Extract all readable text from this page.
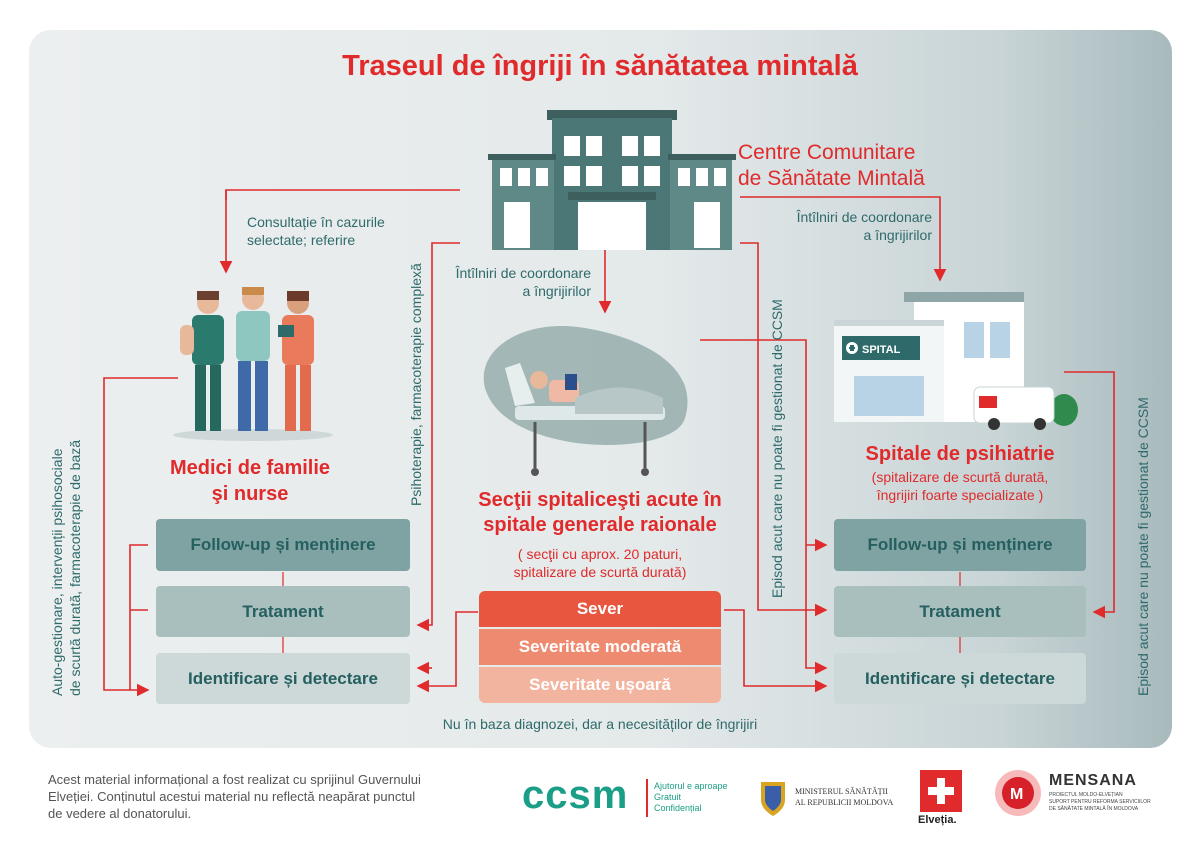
Traseul de îngriji în sănătatea mintală
Centre Comunitare
de Sănătate Mintală
Medici de familie
şi nurse	Secţii spitaliceşti acute în
spitale generale raionale
( secţii cu aprox. 20 paturi,
spitalizare de scurtă durată)
SPITAL
Spitale de psihiatrie
(spitalizare de scurtă durată,
îngrijiri foarte specializate )
Follow-up și menținere
Tratament
Identificare și detectare
Follow-up și menținere
Tratament
Identificare și detectare
Sever
Severitate moderată
Severitate ușoară
Consultație în cazurile
selectate; referire
Întîlniri de coordonare
a îngrijirilor
Întîlniri de coordonare
a îngrijirilor
Psihoterapie, farmacoterapie complexă	Episod acut care nu poate fi gestionat de CCSM	Episod acut care nu poate fi gestionat de CCSM
Auto-gestionare, intervenții psihosociale de scurtă durată, farmacoterapie de bază
Nu în baza diagnozei, dar a necesităților de îngrijiri
Acest material informațional a fost realizat cu sprijinul Guvernului
Elveției. Conținutul acestui material nu reflectă neapărat punctul
de vedere al donatorului.	ccsm	Ajutorul e aproape
Gratuit
Confidențial
MINISTERUL SĂNĂTĂȚII
AL REPUBLICII MOLDOVA
Elveția.
M
MENSANA
PROIECTUL MOLDO-ELVEȚIAN
SUPORT PENTRU REFORMA SERVICIILOR
DE SĂNĂTATE MINTALĂ ÎN MOLDOVA
